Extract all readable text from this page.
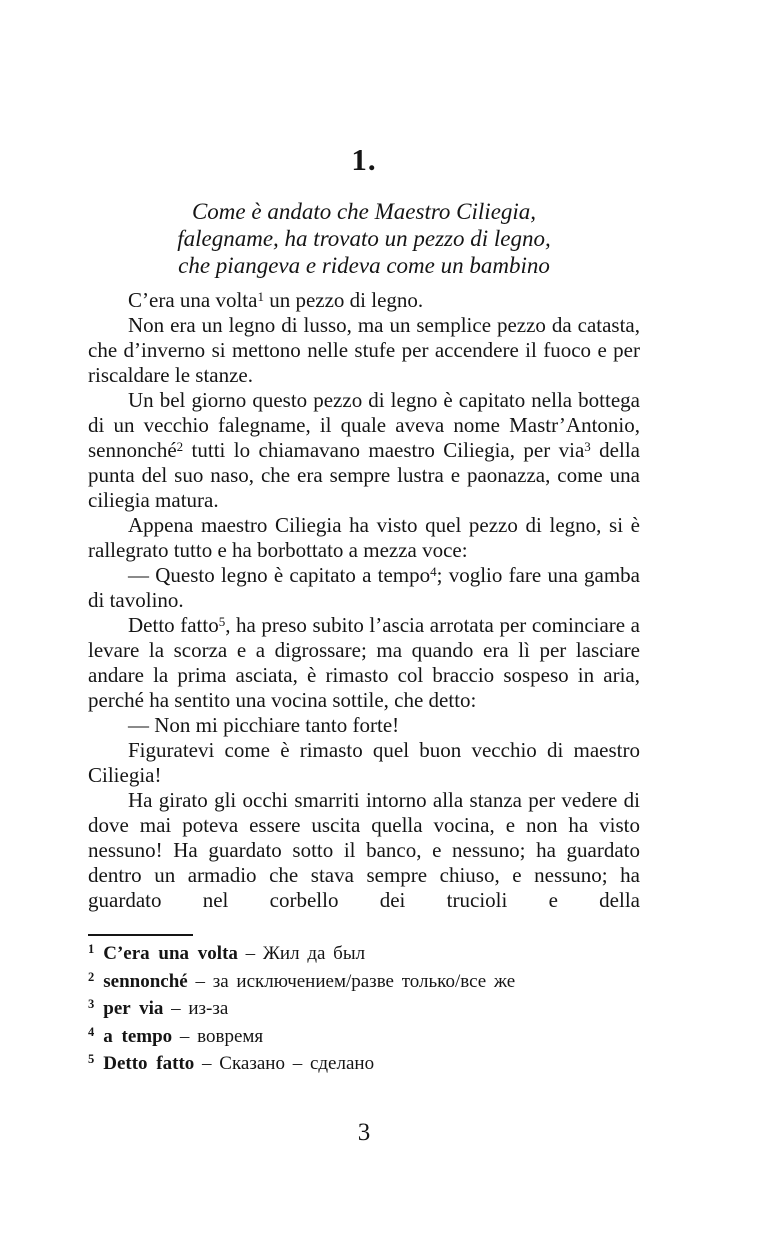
1.
Come è andato che Maestro Ciliegia,
falegname, ha trovato un pezzo di legno,
che piangeva e rideva come un bambino

C’era una volta$^1$ un pezzo di legno.

Non era un legno di lusso, ma un semplice pezzo da catasta, che d’inverno si mettono nelle stufe per accendere il fuoco e per riscaldare le stanze.

Un bel giorno questo pezzo di legno è capitato nella bottega di un vecchio falegname, il quale aveva nome Mastr’Antonio, sennonché$^2$ tutti lo chiamavano maestro Ciliegia, per via$^3$ della punta del suo naso, che era sempre lustra e paonazza, come una ciliegia matura.

Appena maestro Ciliegia ha visto quel pezzo di legno, si è rallegrato tutto e ha borbottato a mezza voce:

— Questo legno è capitato a tempo$^4$; voglio fare una gamba di tavolino.

Detto fatto$^5$, ha preso subito l’ascia arrotata per cominciare a levare la scorza e a digrossare; ma quando era lì per lasciare andare la prima asciata, è rimasto col braccio sospeso in aria, perché ha sentito una vocina sottile, che detto:

— Non mi picchiare tanto forte!

Figuratevi come è rimasto quel buon vecchio di maestro Ciliegia!

Ha girato gli occhi smarriti intorno alla stanza per vedere di dove mai poteva essere uscita quella vocina, e non ha visto nessuno! Ha guardato sotto il banco, e nessuno; ha guardato dentro un armadio che stava sempre chiuso, e nessuno; ha guardato nel corbello dei trucioli e della

$^1$ C’era una volta – Жил да был
$^2$ sennonché – за исключением/разве только/все же
$^3$ per via – из-за
$^4$ a tempo – вовремя
$^5$ Detto fatto – Сказано – сделано
3
